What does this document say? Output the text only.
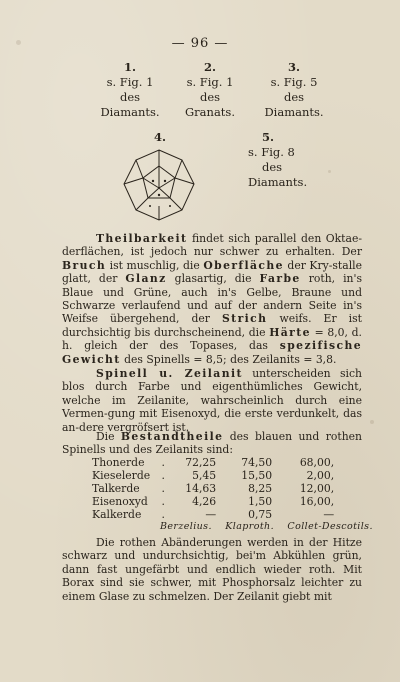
— 96 —
1.
s. Fig. 1
des
Diamants.
2.
s. Fig. 1
des
Granats.
3.
s. Fig. 5
des
Diamants.
4.	5.
s. Fig. 8
des
Diamants.

Theilbarkeit findet sich parallel den Oktae-derflächen, ist jedoch nur schwer zu erhalten. Der Bruch ist muschlig, die Oberfläche der Kry-stalle glatt, der Glanz glasartig, die Farbe roth, in's Blaue und Grüne, auch in's Gelbe, Braune und Schwarze verlaufend und auf der andern Seite in's Weifse übergehend, der Strich weifs. Er ist durchsichtig bis durchscheinend, die Härte = 8,0, d. h. gleich der des Topases, das spezifische Gewicht des Spinells = 8,5; des Zeilanits = 3,8.

Spinell u. Zeilanit unterscheiden sich blos durch Farbe und eigenthümliches Gewicht, welche im Zeilanite, wahrscheinlich durch eine Vermen-gung mit Eisenoxyd, die erste verdunkelt, das an-dere vergröfsert ist.

Die Bestandtheile des blauen und rothen Spinells und des Zeilanits sind:

Thonerde	.	72,25	74,50	68,00,
Kieselerde	.	5,45	15,50	2,00,
Talkerde	.	14,63	8,25	12,00,
Eisenoxyd	.	4,26	1,50	16,00,
Kalkerde	.	—	0,75	—
Berzelius. Klaproth. Collet-Descotils.

Die rothen Abänderungen werden in der Hitze schwarz und undurchsichtig, bei'm Abkühlen grün, dann fast ungefärbt und endlich wieder roth. Mit Borax sind sie schwer, mit Phosphorsalz leichter zu einem Glase zu schmelzen. Der Zeilanit giebt mit
